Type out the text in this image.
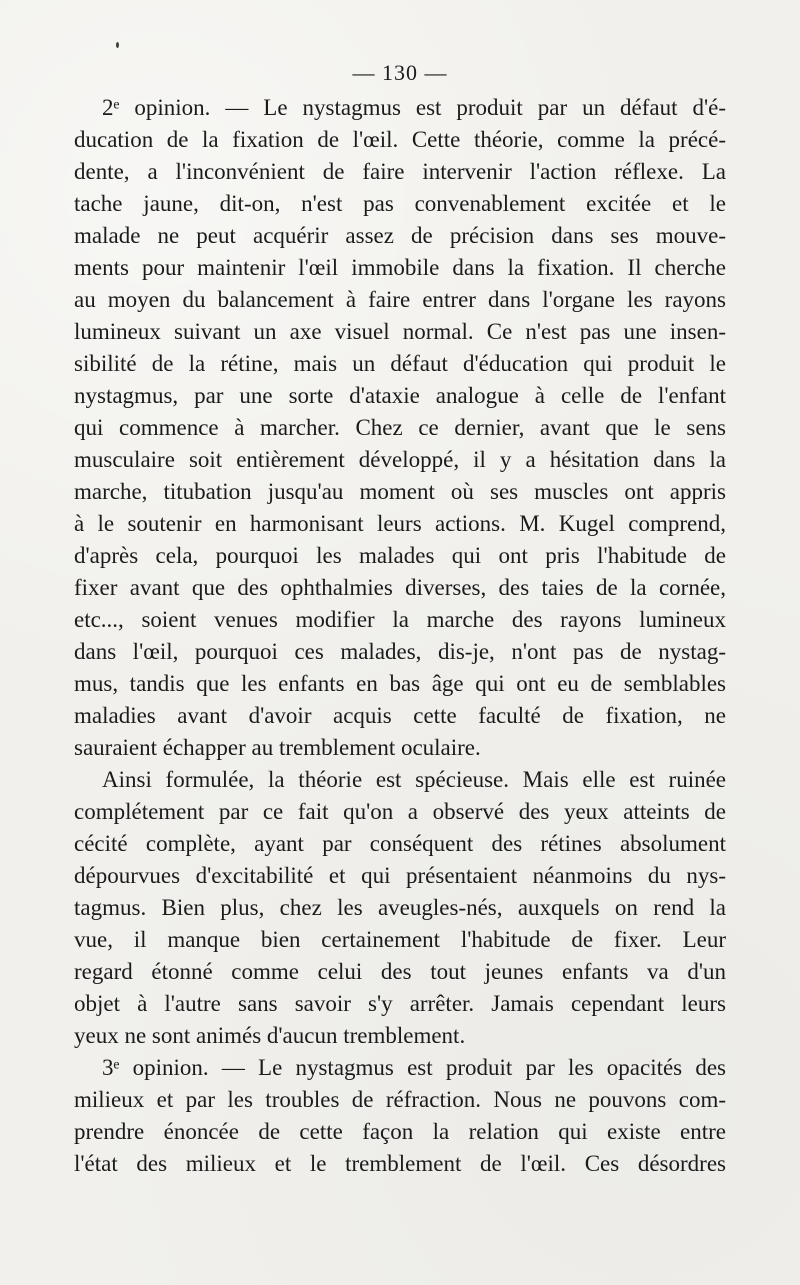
— 130 —
2ᵉ opinion. — Le nystagmus est produit par un défaut d'é-
ducation de la fixation de l'œil. Cette théorie, comme la précé-
dente, a l'inconvénient de faire intervenir l'action réflexe. La
tache jaune, dit-on, n'est pas convenablement excitée et le
malade ne peut acquérir assez de précision dans ses mouve-
ments pour maintenir l'œil immobile dans la fixation. Il cherche
au moyen du balancement à faire entrer dans l'organe les rayons
lumineux suivant un axe visuel normal. Ce n'est pas une insen-
sibilité de la rétine, mais un défaut d'éducation qui produit le
nystagmus, par une sorte d'ataxie analogue à celle de l'enfant
qui commence à marcher. Chez ce dernier, avant que le sens
musculaire soit entièrement développé, il y a hésitation dans la
marche, titubation jusqu'au moment où ses muscles ont appris
à le soutenir en harmonisant leurs actions. M. Kugel comprend,
d'après cela, pourquoi les malades qui ont pris l'habitude de
fixer avant que des ophthalmies diverses, des taies de la cornée,
etc..., soient venues modifier la marche des rayons lumineux
dans l'œil, pourquoi ces malades, dis-je, n'ont pas de nystag-
mus, tandis que les enfants en bas âge qui ont eu de semblables
maladies avant d'avoir acquis cette faculté de fixation, ne
sauraient échapper au tremblement oculaire.
Ainsi formulée, la théorie est spécieuse. Mais elle est ruinée
complétement par ce fait qu'on a observé des yeux atteints de
cécité complète, ayant par conséquent des rétines absolument
dépourvues d'excitabilité et qui présentaient néanmoins du nys-
tagmus. Bien plus, chez les aveugles-nés, auxquels on rend la
vue, il manque bien certainement l'habitude de fixer. Leur
regard étonné comme celui des tout jeunes enfants va d'un
objet à l'autre sans savoir s'y arrêter. Jamais cependant leurs
yeux ne sont animés d'aucun tremblement.
3ᵉ opinion. — Le nystagmus est produit par les opacités des
milieux et par les troubles de réfraction. Nous ne pouvons com-
prendre énoncée de cette façon la relation qui existe entre
l'état des milieux et le tremblement de l'œil. Ces désordres
